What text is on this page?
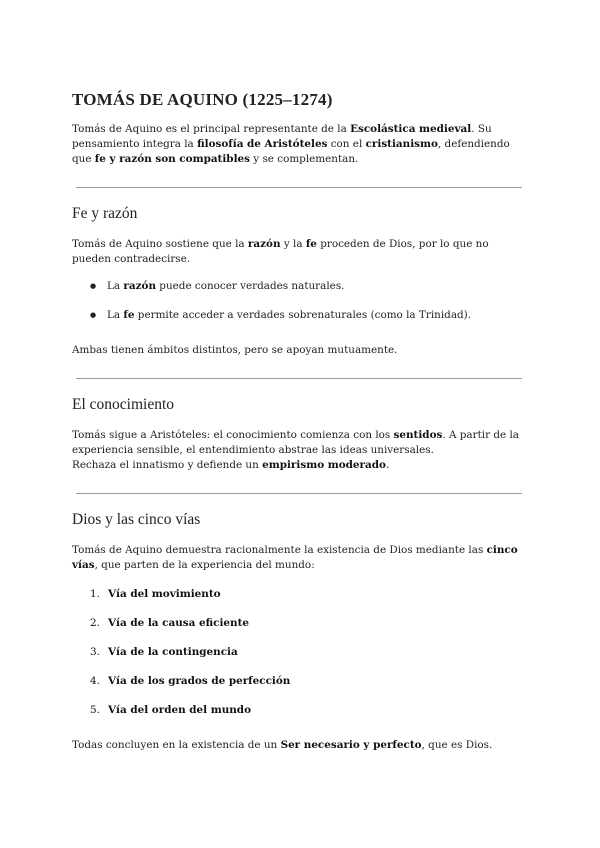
TOMÁS DE AQUINO (1225–1274)

Tomás de Aquino es el principal representante de la Escolástica medieval. Su pensamiento integra la filosofía de Aristóteles con el cristianismo, defendiendo que fe y razón son compatibles y se complementan.

Fe y razón

Tomás de Aquino sostiene que la razón y la fe proceden de Dios, por lo que no pueden contradecirse.

● La razón puede conocer verdades naturales.
● La fe permite acceder a verdades sobrenaturales (como la Trinidad).

Ambas tienen ámbitos distintos, pero se apoyan mutuamente.

El conocimiento

Tomás sigue a Aristóteles: el conocimiento comienza con los sentidos. A partir de la experiencia sensible, el entendimiento abstrae las ideas universales.
Rechaza el innatismo y defiende un empirismo moderado.

Dios y las cinco vías

Tomás de Aquino demuestra racionalmente la existencia de Dios mediante las cinco vías, que parten de la experiencia del mundo:

1. Vía del movimiento
2. Vía de la causa eficiente
3. Vía de la contingencia
4. Vía de los grados de perfección
5. Vía del orden del mundo

Todas concluyen en la existencia de un Ser necesario y perfecto, que es Dios.
